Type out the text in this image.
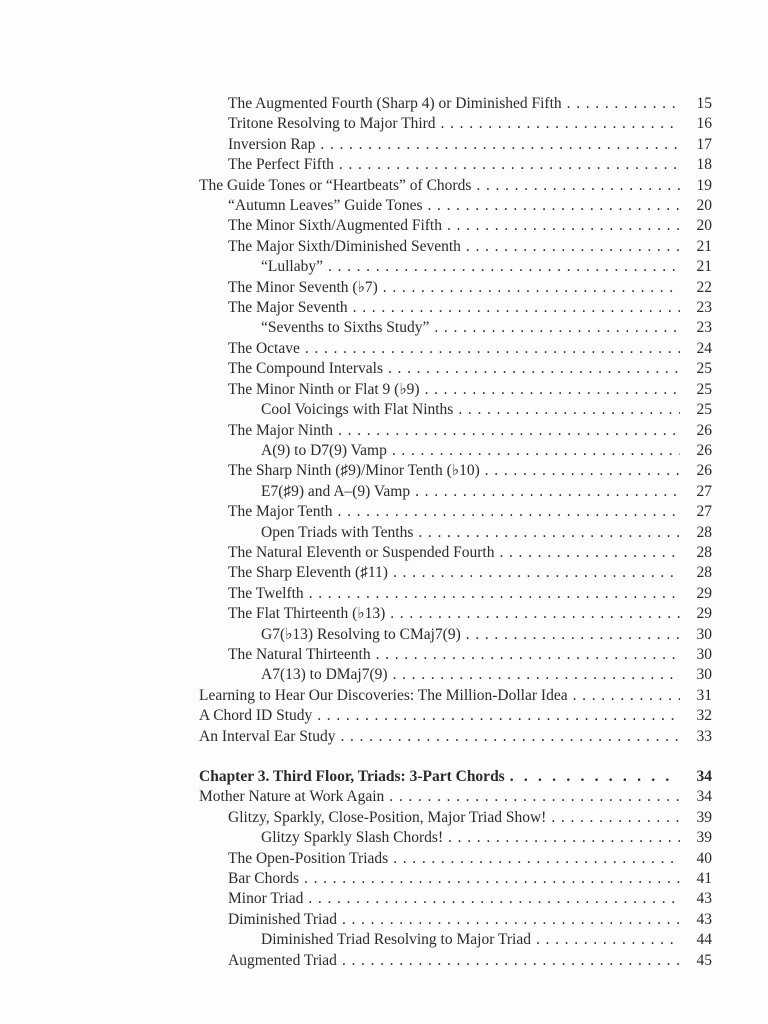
The Augmented Fourth (Sharp 4) or Diminished Fifth . . .	15
Tritone Resolving to Major Third . . .	16
Inversion Rap . . .	17
The Perfect Fifth . . .	18
The Guide Tones or “Heartbeats” of Chords . . .	19
“Autumn Leaves” Guide Tones . . .	20
The Minor Sixth/Augmented Fifth . . .	20
The Major Sixth/Diminished Seventh . . .	21
“Lullaby” . . .	21
The Minor Seventh (♭7) . . .	22
The Major Seventh . . .	23
“Sevenths to Sixths Study” . . .	23
The Octave . . .	24
The Compound Intervals . . .	25
The Minor Ninth or Flat 9 (♭9) . . .	25
Cool Voicings with Flat Ninths . . .	25
The Major Ninth . . .	26
A(9) to D7(9) Vamp . . .	26
The Sharp Ninth (♯9)/Minor Tenth (♭10) . . .	26
E7(♯9) and A–(9) Vamp . . .	27
The Major Tenth . . .	27
Open Triads with Tenths . . .	28
The Natural Eleventh or Suspended Fourth . . .	28
The Sharp Eleventh (♯11) . . .	28
The Twelfth . . .	29
The Flat Thirteenth (♭13) . . .	29
G7(♭13) Resolving to CMaj7(9) . . .	30
The Natural Thirteenth . . .	30
A7(13) to DMaj7(9) . . .	30
Learning to Hear Our Discoveries: The Million-Dollar Idea . . .	31
A Chord ID Study . . .	32
An Interval Ear Study . . .	33
Chapter 3. Third Floor, Triads: 3-Part Chords . . .	34
Mother Nature at Work Again . . .	34
Glitzy, Sparkly, Close-Position, Major Triad Show! . . .	39
Glitzy Sparkly Slash Chords! . . .	39
The Open-Position Triads . . .	40
Bar Chords . . .	41
Minor Triad . . .	43
Diminished Triad . . .	43
Diminished Triad Resolving to Major Triad . . .	44
Augmented Triad . . .	45
